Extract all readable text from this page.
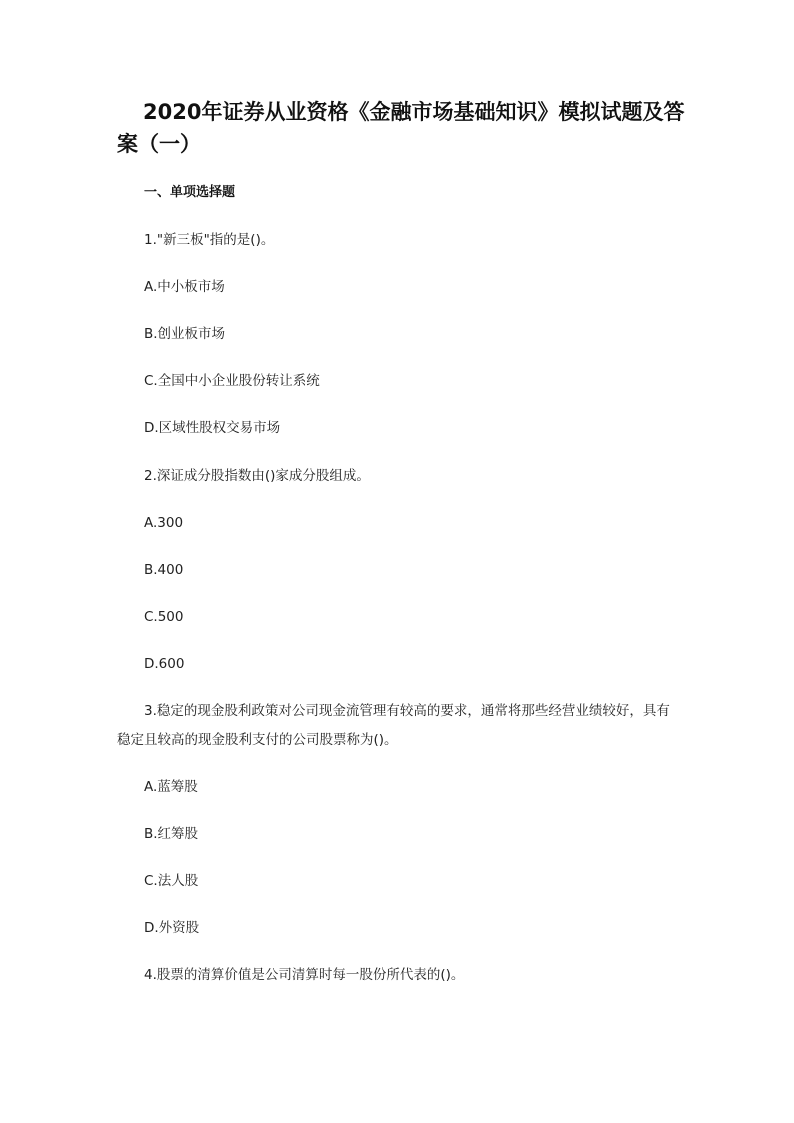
2020年证券从业资格《金融市场基础知识》模拟试题及答案（一）

一、单项选择题

1."新三板"指的是()。

A.中小板市场

B.创业板市场

C.全国中小企业股份转让系统

D.区域性股权交易市场

2.深证成分股指数由()家成分股组成。

A.300

B.400

C.500

D.600

3.稳定的现金股利政策对公司现金流管理有较高的要求，通常将那些经营业绩较好，具有稳定且较高的现金股利支付的公司股票称为()。

A.蓝筹股

B.红筹股

C.法人股

D.外资股

4.股票的清算价值是公司清算时每一股份所代表的()。
